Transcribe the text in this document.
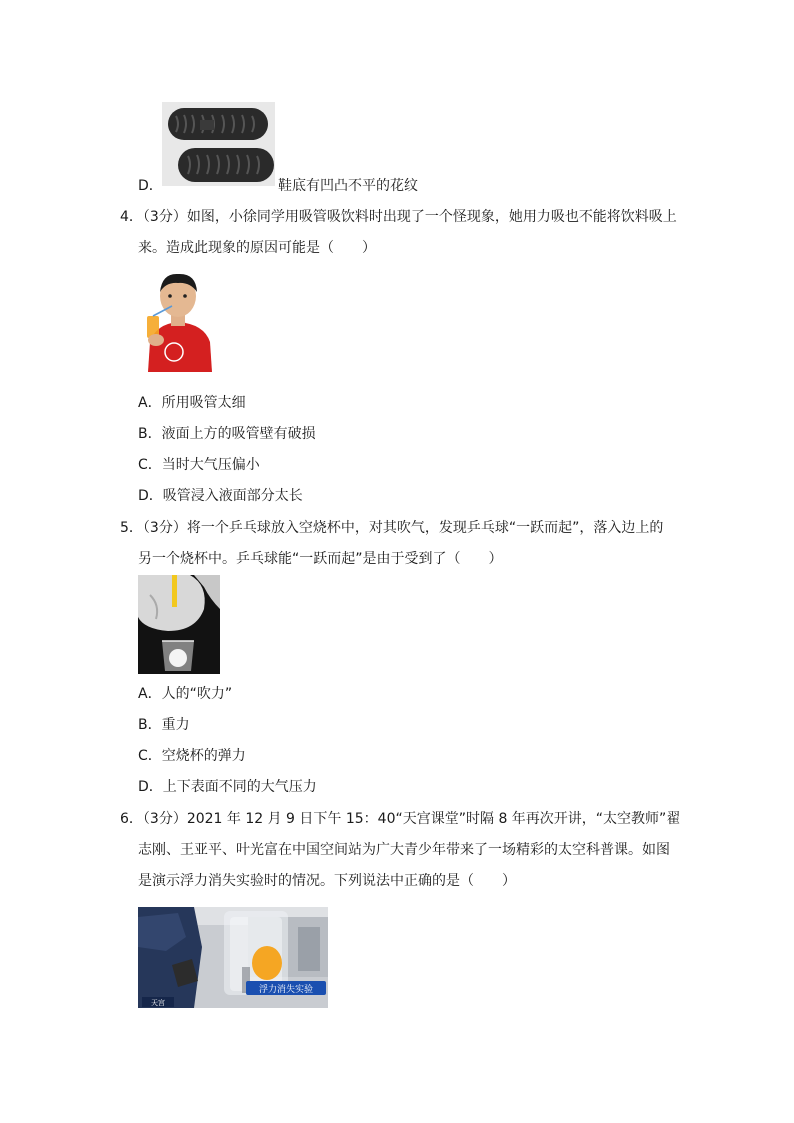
D．	鞋底有凹凸不平的花纹
4．（3分）如图，小徐同学用吸管吸饮料时出现了一个怪现象，她用力吸也不能将饮料吸上
来。造成此现象的原因可能是（　　）
A．所用吸管太细
B．液面上方的吸管壁有破损
C．当时大气压偏小
D．吸管浸入液面部分太长
5．（3分）将一个乒乓球放入空烧杯中，对其吹气，发现乒乓球“一跃而起”，落入边上的
另一个烧杯中。乒乓球能“一跃而起”是由于受到了（　　）
A．人的“吹力”
B．重力
C．空烧杯的弹力
D．上下表面不同的大气压力
6．（3分）2021 年 12 月 9 日下午 15：40“天宫课堂”时隔 8 年再次开讲，“太空教师”翟
志刚、王亚平、叶光富在中国空间站为广大青少年带来了一场精彩的太空科普课。如图
是演示浮力消失实验时的情况。下列说法中正确的是（　　）
浮力消失实验
天宫
